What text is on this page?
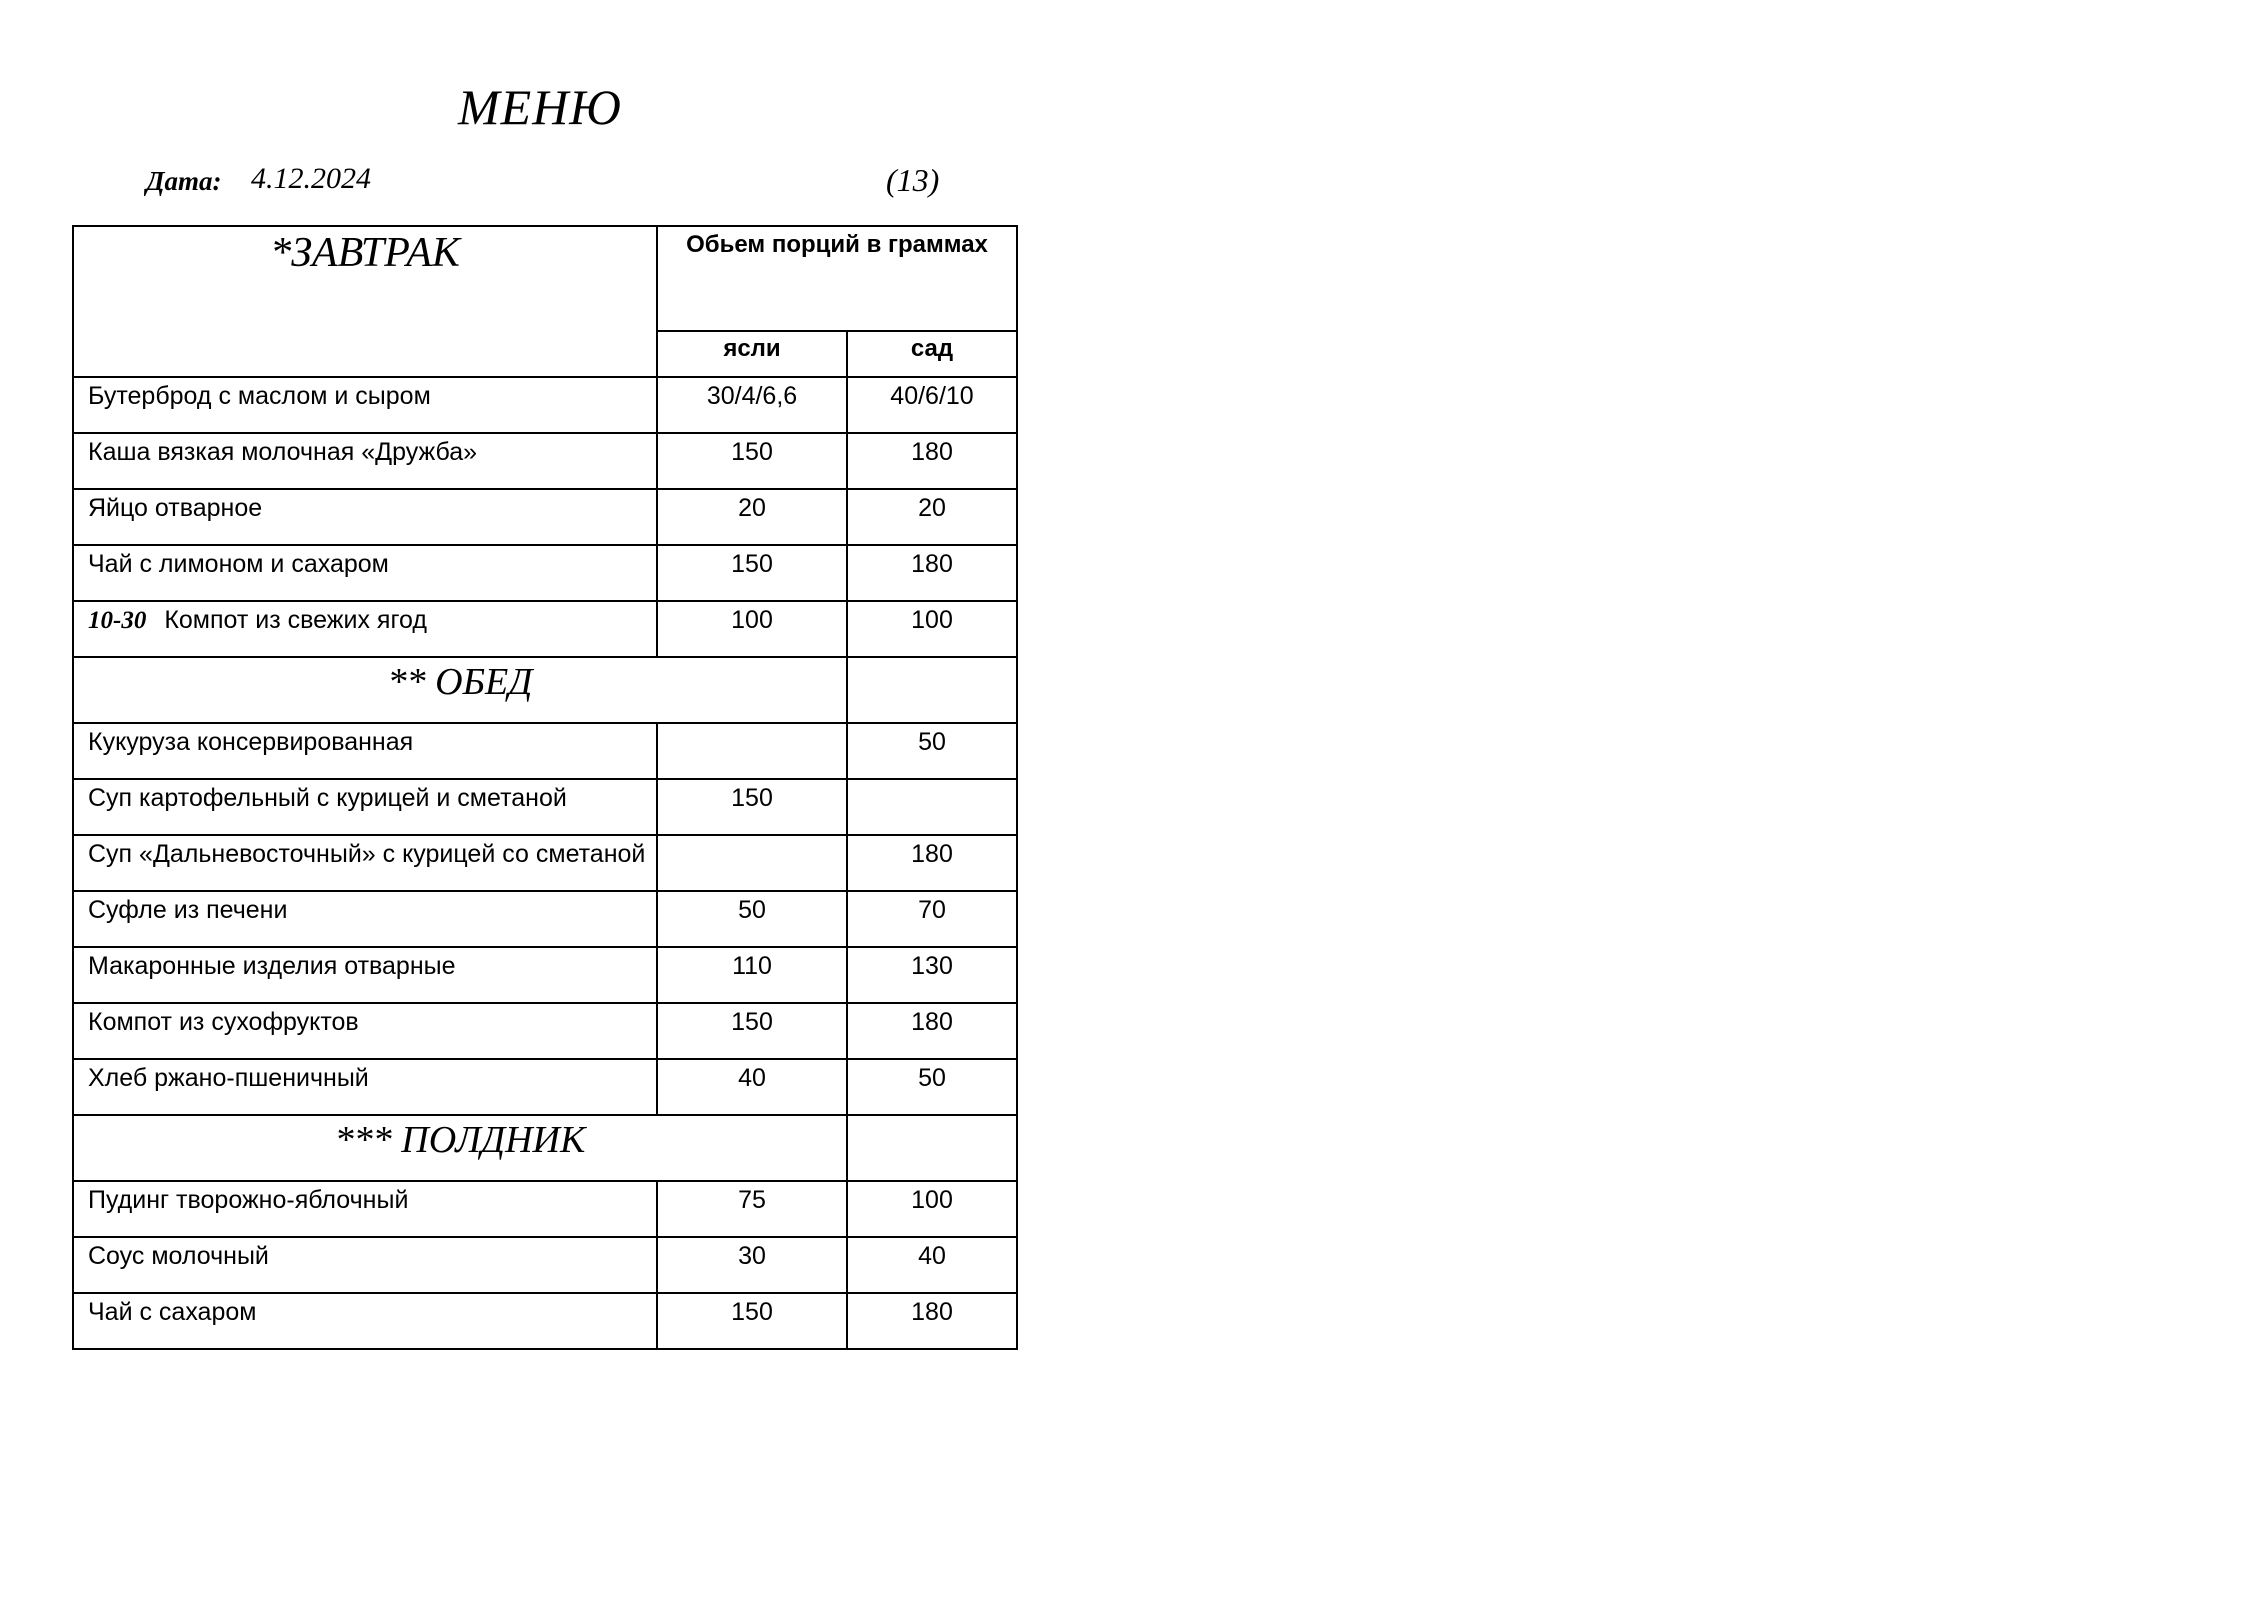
МЕНЮ
Дата: 4.12.2024	(13)
*ЗАВТРАК	Обьем порций в граммах	
	ясли	сад
Бутерброд с маслом и сыром	30/4/6,6	40/6/10
Каша вязкая молочная «Дружба»	150	180
Яйцо отварное	20	20
Чай с лимоном и сахаром	150	180
10-30 Компот из свежих ягод	100	100
** ОБЕД		
Кукуруза консервированная		50
Суп картофельный с курицей и сметаной	150	
Суп «Дальневосточный» с курицей со сметаной		180
Суфле из печени	50	70
Макаронные изделия отварные	110	130
Компот из сухофруктов	150	180
Хлеб ржано-пшеничный	40	50
*** ПОЛДНИК		
Пудинг творожно-яблочный	75	100
Соус молочный	30	40
Чай с сахаром	150	180
